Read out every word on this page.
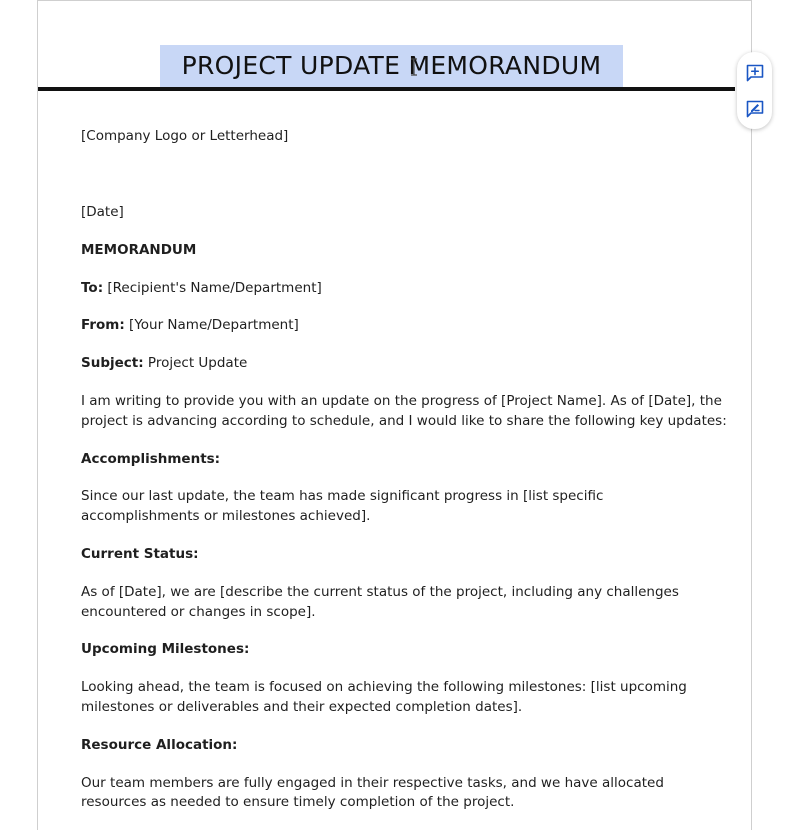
PROJECT UPDATE MEMORANDUM
[Company Logo or Letterhead]
[Date]
MEMORANDUM
To: [Recipient's Name/Department]
From: [Your Name/Department]
Subject: Project Update
I am writing to provide you with an update on the progress of [Project Name]. As of [Date], the
project is advancing according to schedule, and I would like to share the following key updates:
Accomplishments:
Since our last update, the team has made significant progress in [list specific
accomplishments or milestones achieved].
Current Status:
As of [Date], we are [describe the current status of the project, including any challenges
encountered or changes in scope].
Upcoming Milestones:
Looking ahead, the team is focused on achieving the following milestones: [list upcoming
milestones or deliverables and their expected completion dates].
Resource Allocation:
Our team members are fully engaged in their respective tasks, and we have allocated
resources as needed to ensure timely completion of the project.
